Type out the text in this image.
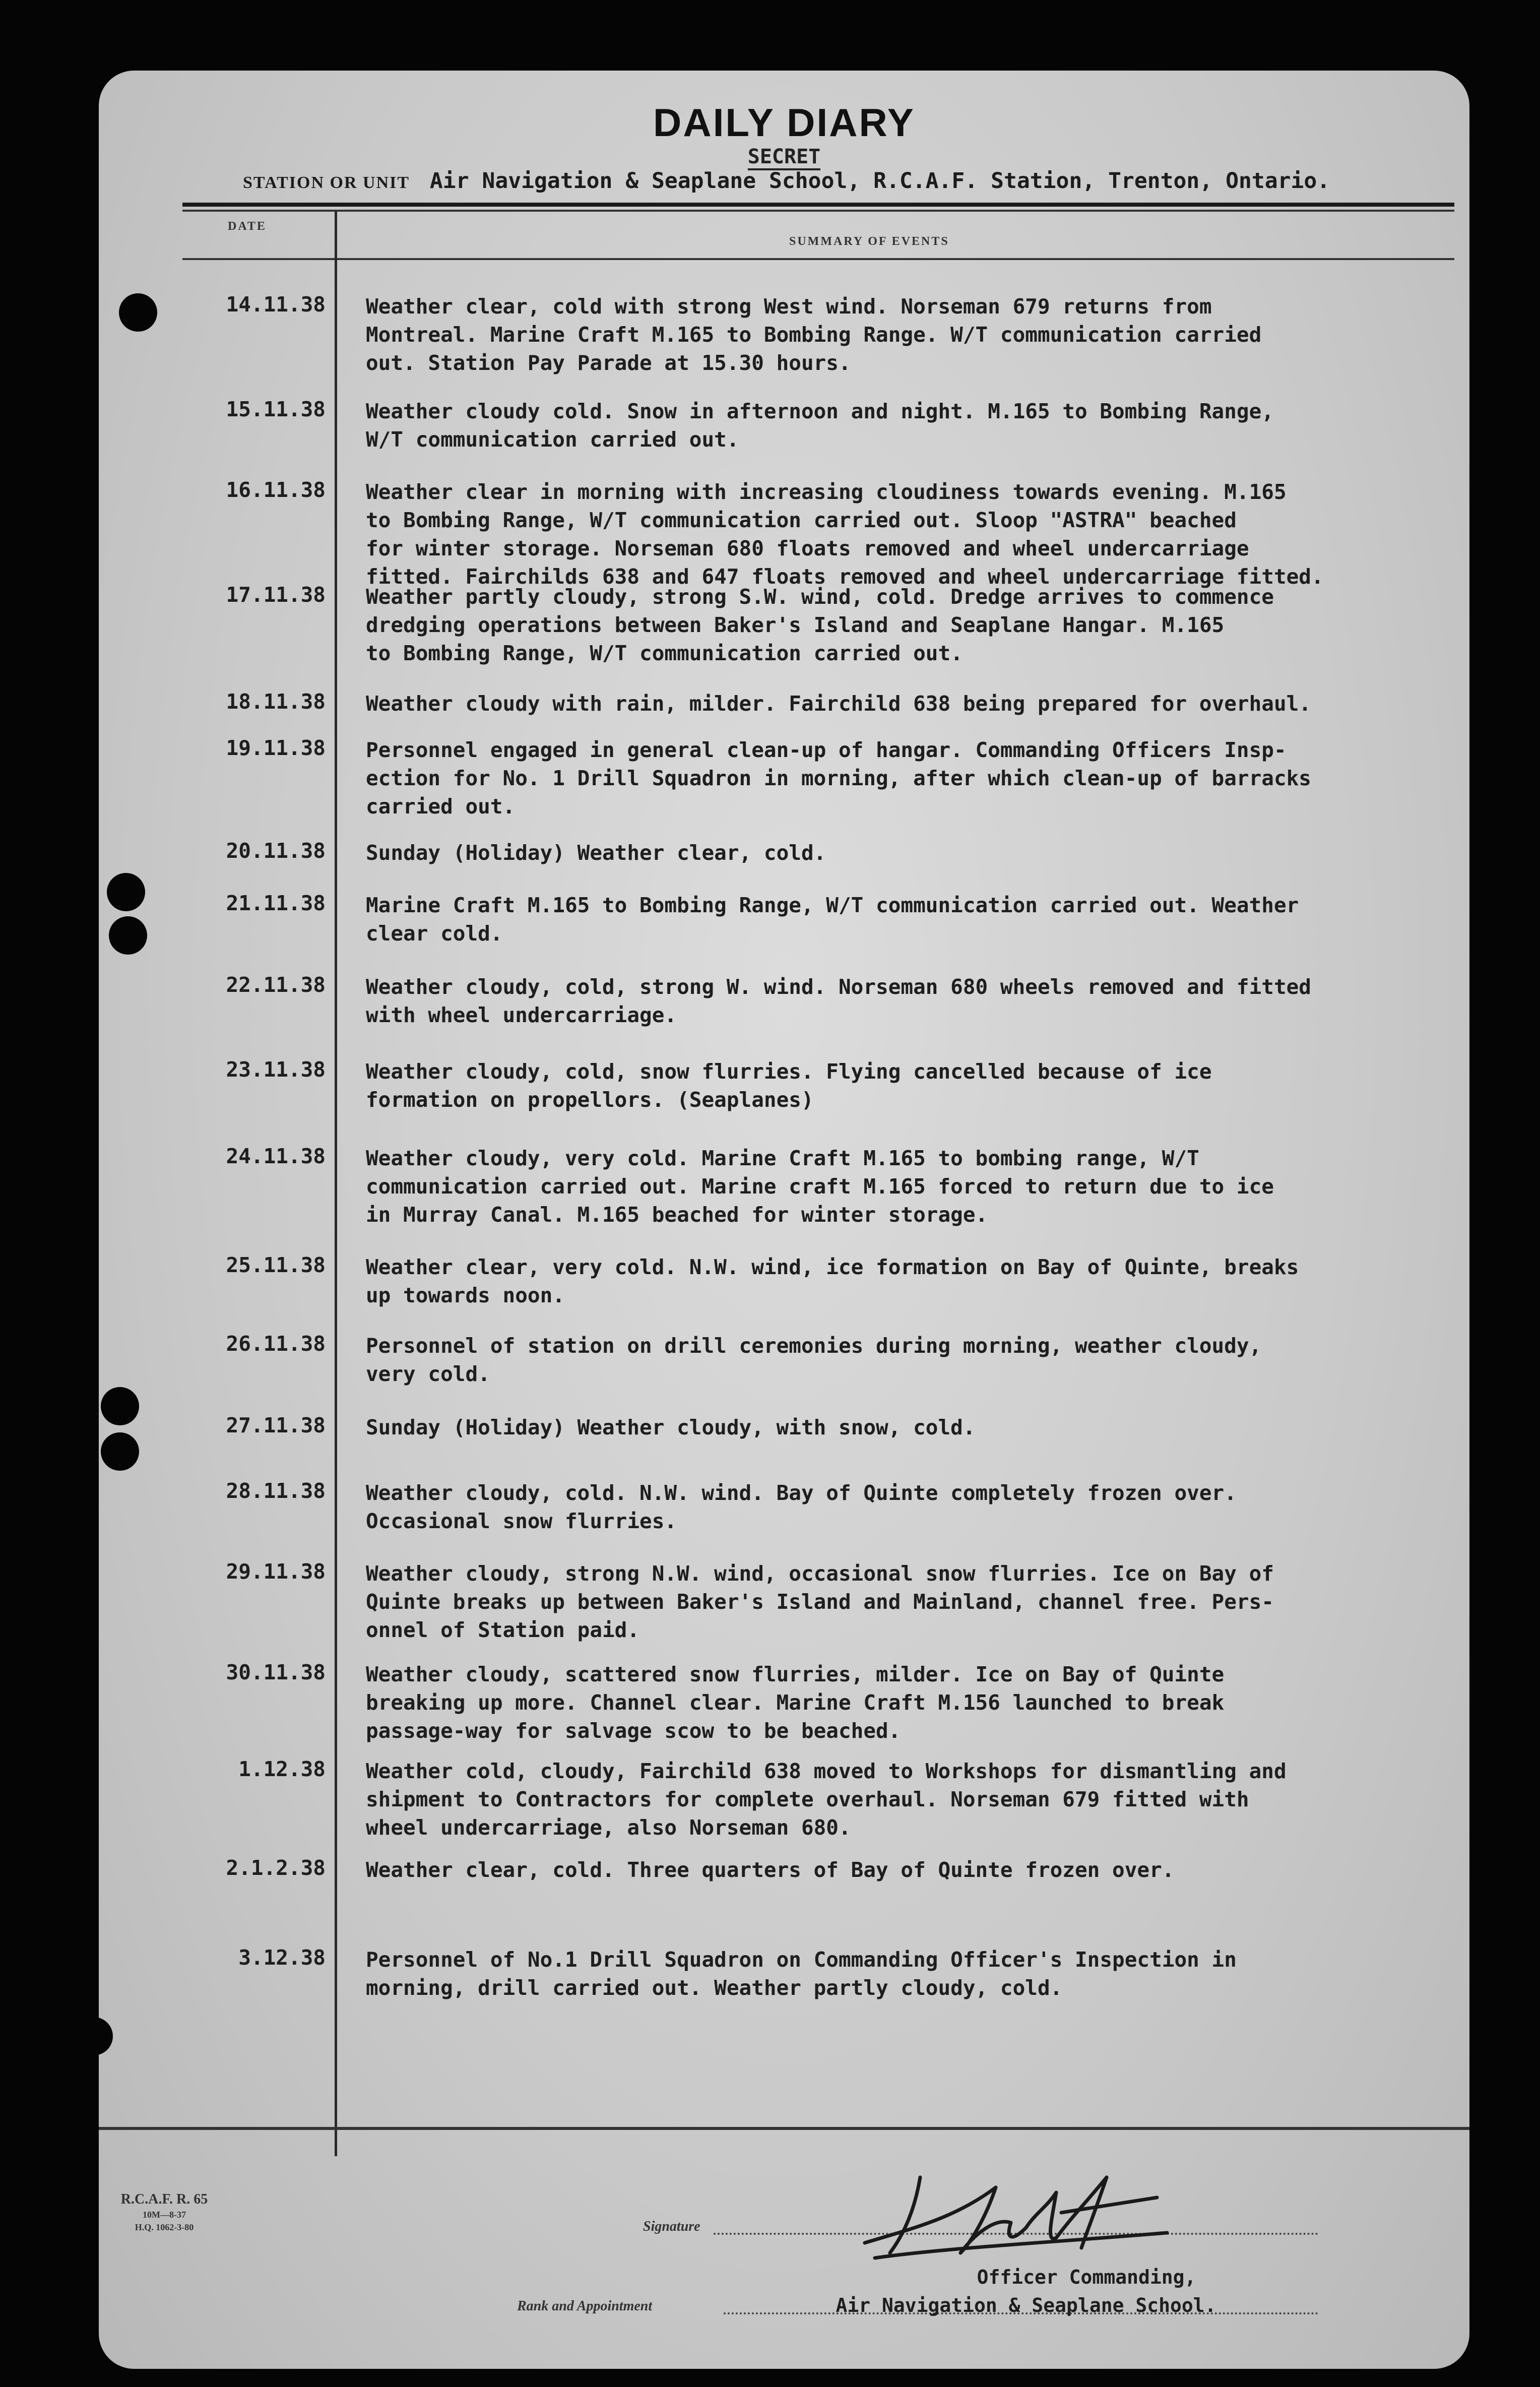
DAILY DIARY
SECRET
STATION OR UNIT Air Navigation & Seaplane School, R.C.A.F. Station, Trenton, Ontario.
DATE
SUMMARY OF EVENTS
14.11.38 Weather clear, cold with strong West wind. Norseman 679 returns from

Montreal. Marine Craft M.165 to Bombing Range. W/T communication carried

out. Station Pay Parade at 15.30 hours.

15.11.38 Weather cloudy cold. Snow in afternoon and night. M.165 to Bombing Range,

W/T communication carried out.

16.11.38 Weather clear in morning with increasing cloudiness towards evening. M.165

to Bombing Range, W/T communication carried out. Sloop "ASTRA" beached

for winter storage. Norseman 680 floats removed and wheel undercarriage

fitted. Fairchilds 638 and 647 floats removed and wheel undercarriage fitted.

17.11.38 Weather partly cloudy, strong S.W. wind, cold. Dredge arrives to commence

dredging operations between Baker's Island and Seaplane Hangar. M.165

to Bombing Range, W/T communication carried out.

18.11.38 Weather cloudy with rain, milder. Fairchild 638 being prepared for overhaul.

19.11.38 Personnel engaged in general clean-up of hangar. Commanding Officers Insp-

ection for No. 1 Drill Squadron in morning, after which clean-up of barracks

carried out.

20.11.38 Sunday (Holiday) Weather clear, cold.

21.11.38 Marine Craft M.165 to Bombing Range, W/T communication carried out. Weather

clear cold.

22.11.38 Weather cloudy, cold, strong W. wind. Norseman 680 wheels removed and fitted

with wheel undercarriage.

23.11.38 Weather cloudy, cold, snow flurries. Flying cancelled because of ice

formation on propellors. (Seaplanes)

24.11.38 Weather cloudy, very cold. Marine Craft M.165 to bombing range, W/T

communication carried out. Marine craft M.165 forced to return due to ice

in Murray Canal. M.165 beached for winter storage.

25.11.38 Weather clear, very cold. N.W. wind, ice formation on Bay of Quinte, breaks

up towards noon.

26.11.38 Personnel of station on drill ceremonies during morning, weather cloudy,

very cold.

27.11.38 Sunday (Holiday) Weather cloudy, with snow, cold.

28.11.38 Weather cloudy, cold. N.W. wind. Bay of Quinte completely frozen over.

Occasional snow flurries.

29.11.38 Weather cloudy, strong N.W. wind, occasional snow flurries. Ice on Bay of

Quinte breaks up between Baker's Island and Mainland, channel free. Pers-

onnel of Station paid.

30.11.38 Weather cloudy, scattered snow flurries, milder. Ice on Bay of Quinte

breaking up more. Channel clear. Marine Craft M.156 launched to break

passage-way for salvage scow to be beached.

1.12.38 Weather cold, cloudy, Fairchild 638 moved to Workshops for dismantling and

shipment to Contractors for complete overhaul. Norseman 679 fitted with

wheel undercarriage, also Norseman 680.

2.1.2.38 Weather clear, cold. Three quarters of Bay of Quinte frozen over.

3.12.38 Personnel of No.1 Drill Squadron on Commanding Officer's Inspection in

morning, drill carried out. Weather partly cloudy, cold.

R.C.A.F. R. 65
10M—8-37
H.Q. 1062-3-80	Signature
Rank and Appointment
Officer Commanding,
Air Navigation & Seaplane School.
